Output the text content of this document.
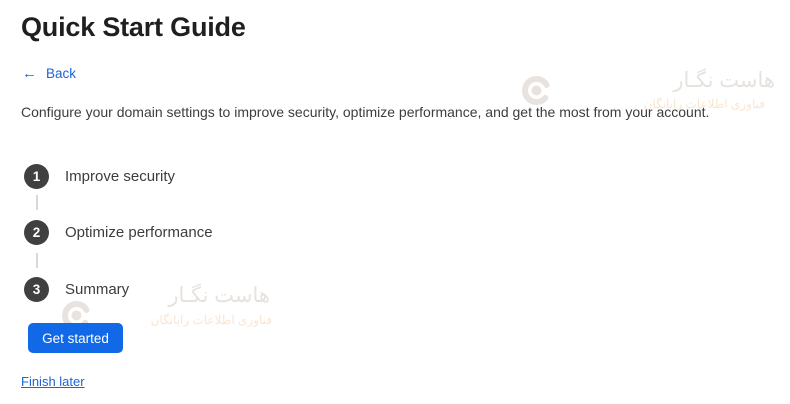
هاست نگـار
فناوری اطلاعات رایانگان
هاست نگـار
فناوری اطلاعات رایانگان
Quick Start Guide
← Back

Configure your domain settings to improve security, optimize performance, and get the most from your account.

1	Improve security
2	Optimize performance
3	Summary
Get started
Finish later
